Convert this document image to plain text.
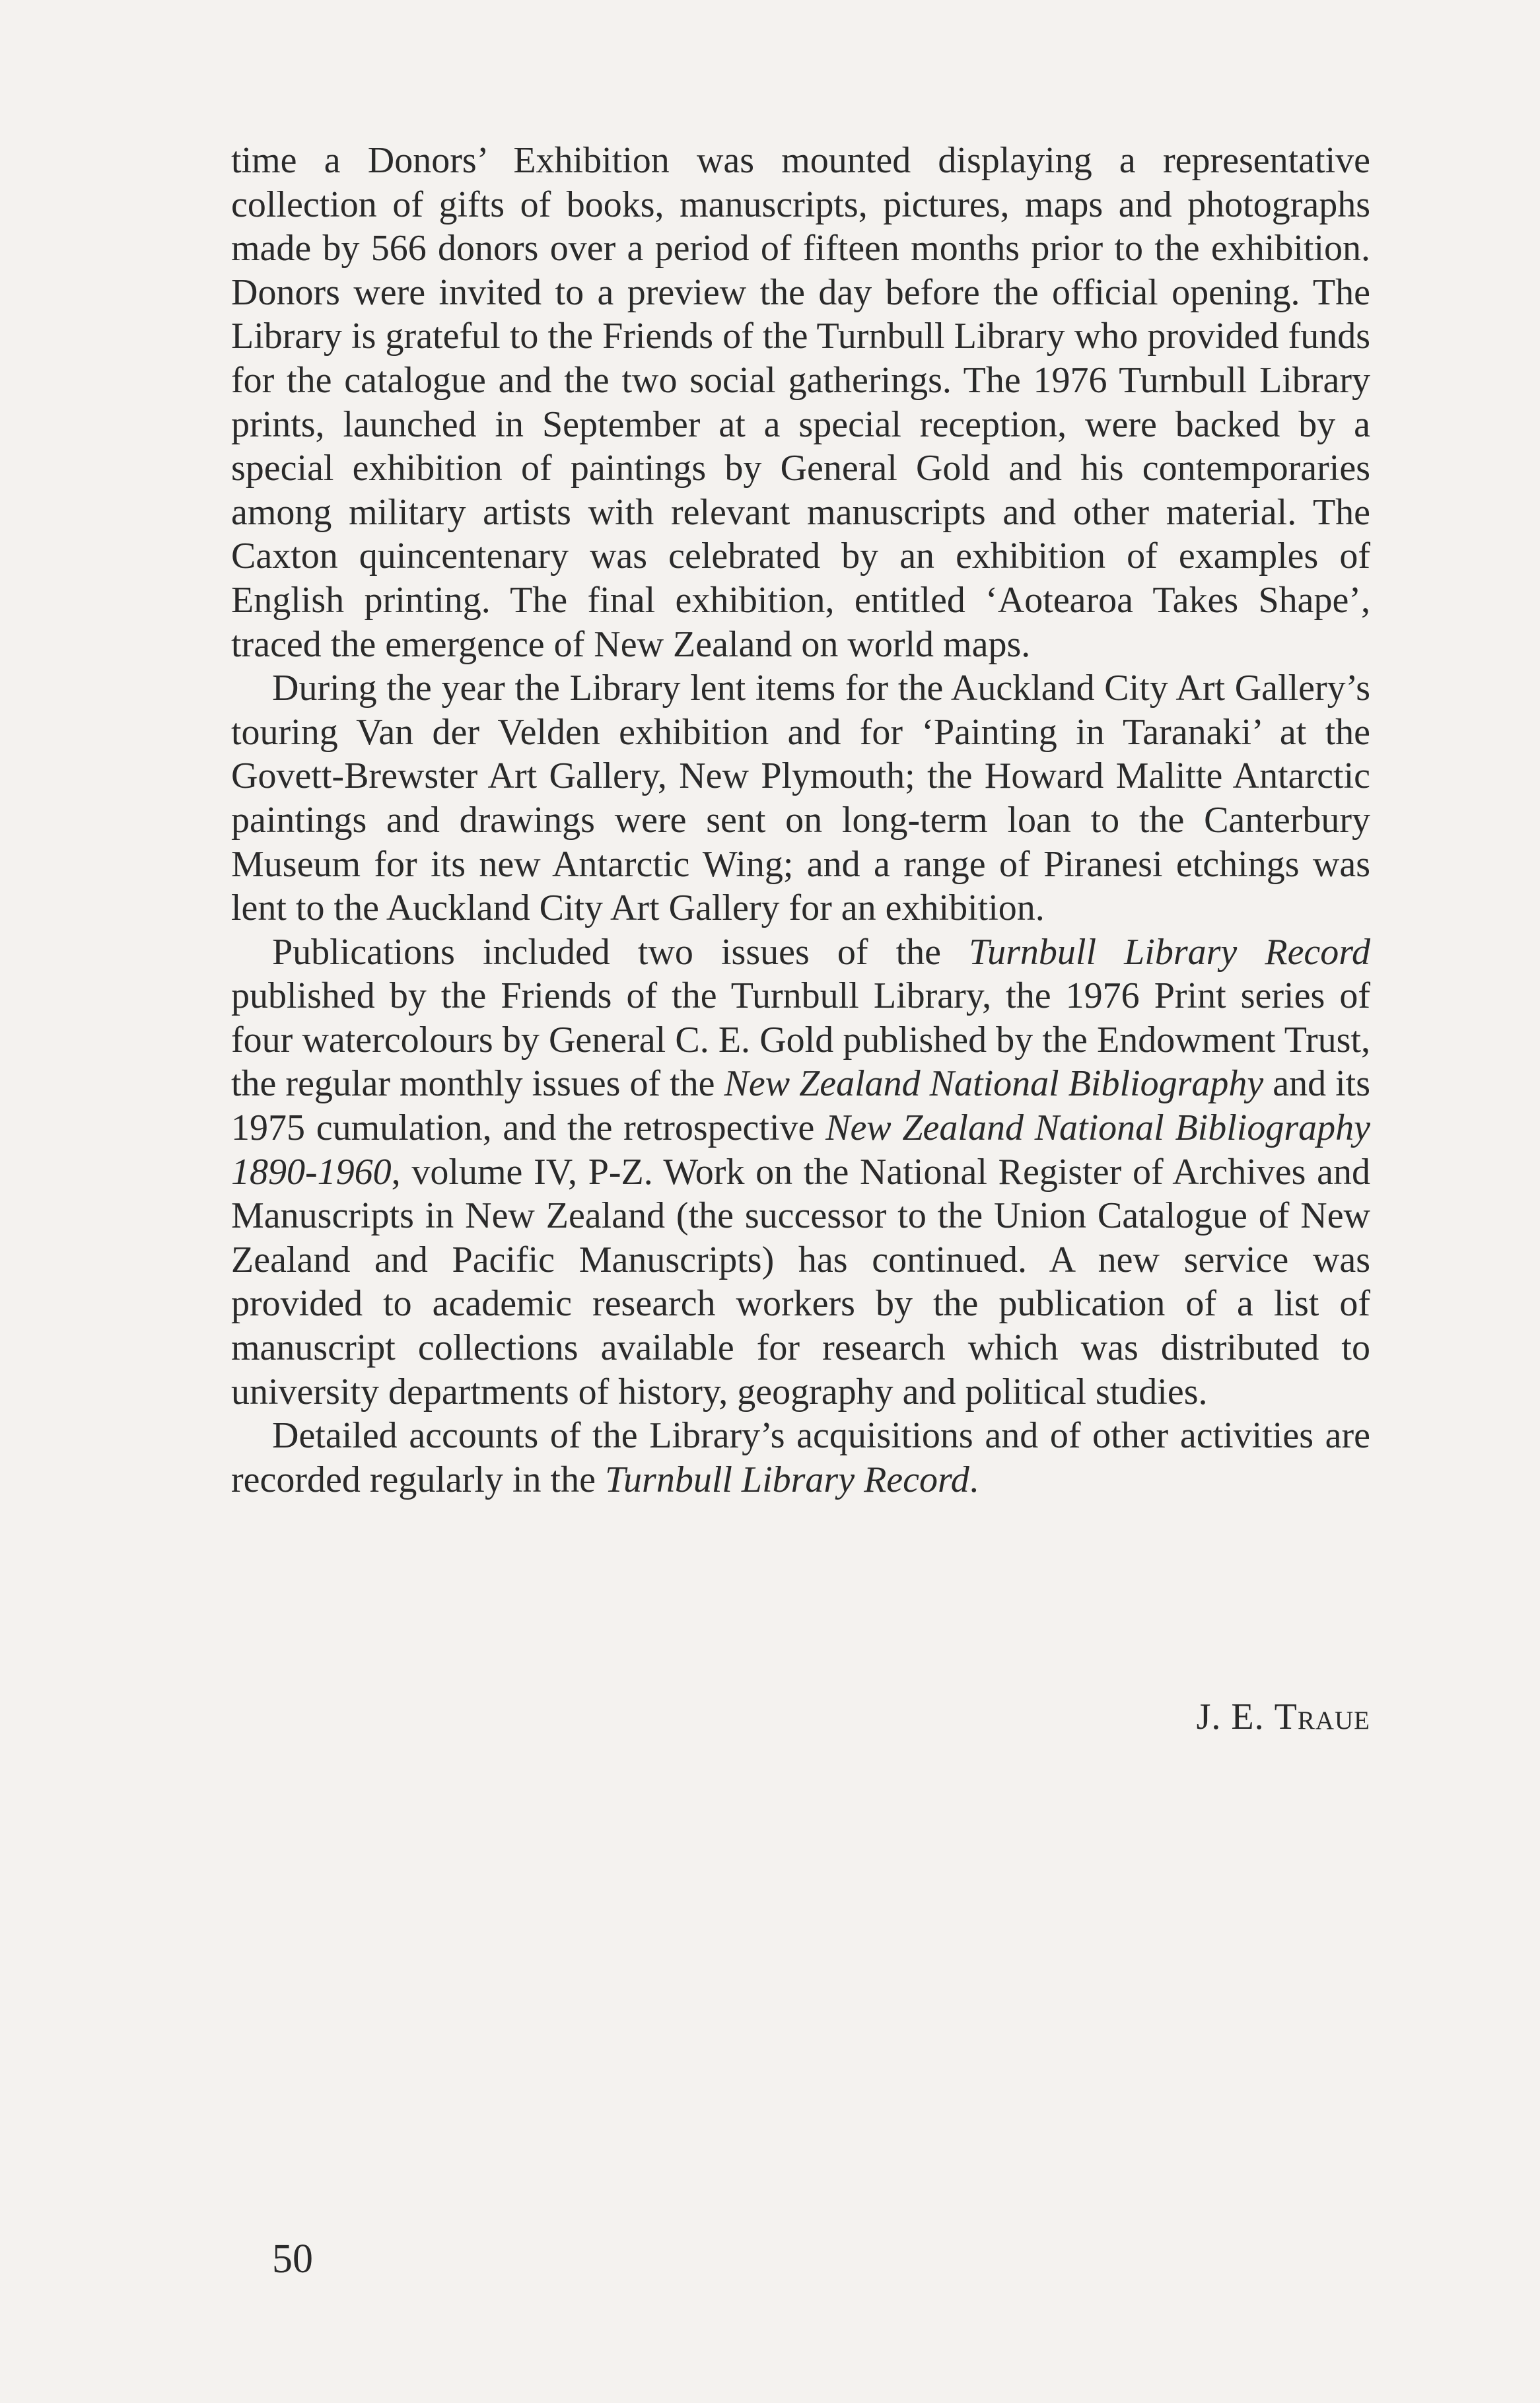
time a Donors’ Exhibition was mounted displaying a representative collection of gifts of books, manuscripts, pictures, maps and photographs made by 566 donors over a period of fifteen months prior to the exhibition. Donors were invited to a preview the day before the official opening. The Library is grateful to the Friends of the Turnbull Library who provided funds for the catalogue and the two social gatherings. The 1976 Turnbull Library prints, launched in September at a special reception, were backed by a special exhibition of paintings by General Gold and his contemporaries among military artists with relevant manuscripts and other material. The Caxton quincentenary was celebrated by an exhibition of examples of English printing. The final exhibition, entitled ‘Aotearoa Takes Shape’, traced the emergence of New Zealand on world maps.

During the year the Library lent items for the Auckland City Art Gallery’s touring Van der Velden exhibition and for ‘Painting in Taranaki’ at the Govett-Brewster Art Gallery, New Plymouth; the Howard Malitte Antarctic paintings and drawings were sent on long-term loan to the Canterbury Museum for its new Antarctic Wing; and a range of Piranesi etchings was lent to the Auckland City Art Gallery for an exhibition.

Publications included two issues of the Turnbull Library Record published by the Friends of the Turnbull Library, the 1976 Print series of four watercolours by General C. E. Gold published by the Endowment Trust, the regular monthly issues of the New Zealand National Bibliography and its 1975 cumulation, and the retrospective New Zealand National Bibliography 1890-1960, volume IV, P-Z. Work on the National Register of Archives and Manuscripts in New Zealand (the successor to the Union Catalogue of New Zealand and Pacific Manuscripts) has continued. A new service was provided to academic research workers by the publication of a list of manuscript collections available for research which was distributed to university departments of history, geography and political studies.

Detailed accounts of the Library’s acquisitions and of other activities are recorded regularly in the Turnbull Library Record.

J. E. Traue
50
